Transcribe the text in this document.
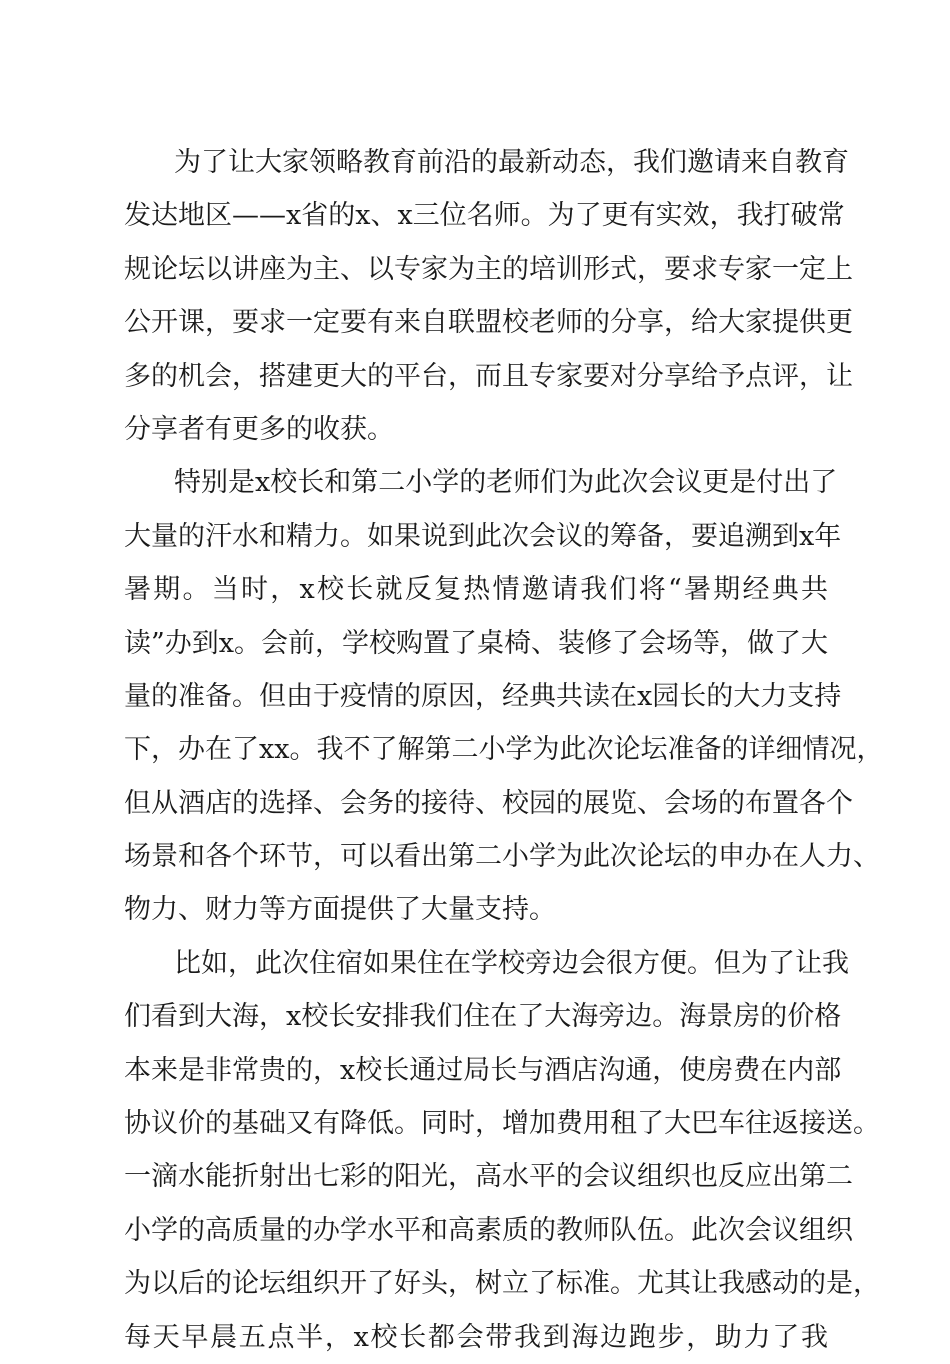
为了让大家领略教育前沿的最新动态，我们邀请来自教育
发达地区——x省的x、x三位名师。为了更有实效，我打破常
规论坛以讲座为主、以专家为主的培训形式，要求专家一定上
公开课，要求一定要有来自联盟校老师的分享，给大家提供更
多的机会，搭建更大的平台，而且专家要对分享给予点评，让
分享者有更多的收获。
特别是x校长和第二小学的老师们为此次会议更是付出了
大量的汗水和精力。如果说到此次会议的筹备，要追溯到x年
暑期。当时，x校长就反复热情邀请我们将“暑期经典共
读”办到x。会前，学校购置了桌椅、装修了会场等，做了大
量的准备。但由于疫情的原因，经典共读在x园长的大力支持
下，办在了xx。我不了解第二小学为此次论坛准备的详细情况，
但从酒店的选择、会务的接待、校园的展览、会场的布置各个
场景和各个环节，可以看出第二小学为此次论坛的申办在人力、
物力、财力等方面提供了大量支持。
比如，此次住宿如果住在学校旁边会很方便。但为了让我
们看到大海，x校长安排我们住在了大海旁边。海景房的价格
本来是非常贵的，x校长通过局长与酒店沟通，使房费在内部
协议价的基础又有降低。同时，增加费用租了大巴车往返接送。
一滴水能折射出七彩的阳光，高水平的会议组织也反应出第二
小学的高质量的办学水平和高素质的教师队伍。此次会议组织
为以后的论坛组织开了好头，树立了标准。尤其让我感动的是，
每天早晨五点半，x校长都会带我到海边跑步，助力了我
